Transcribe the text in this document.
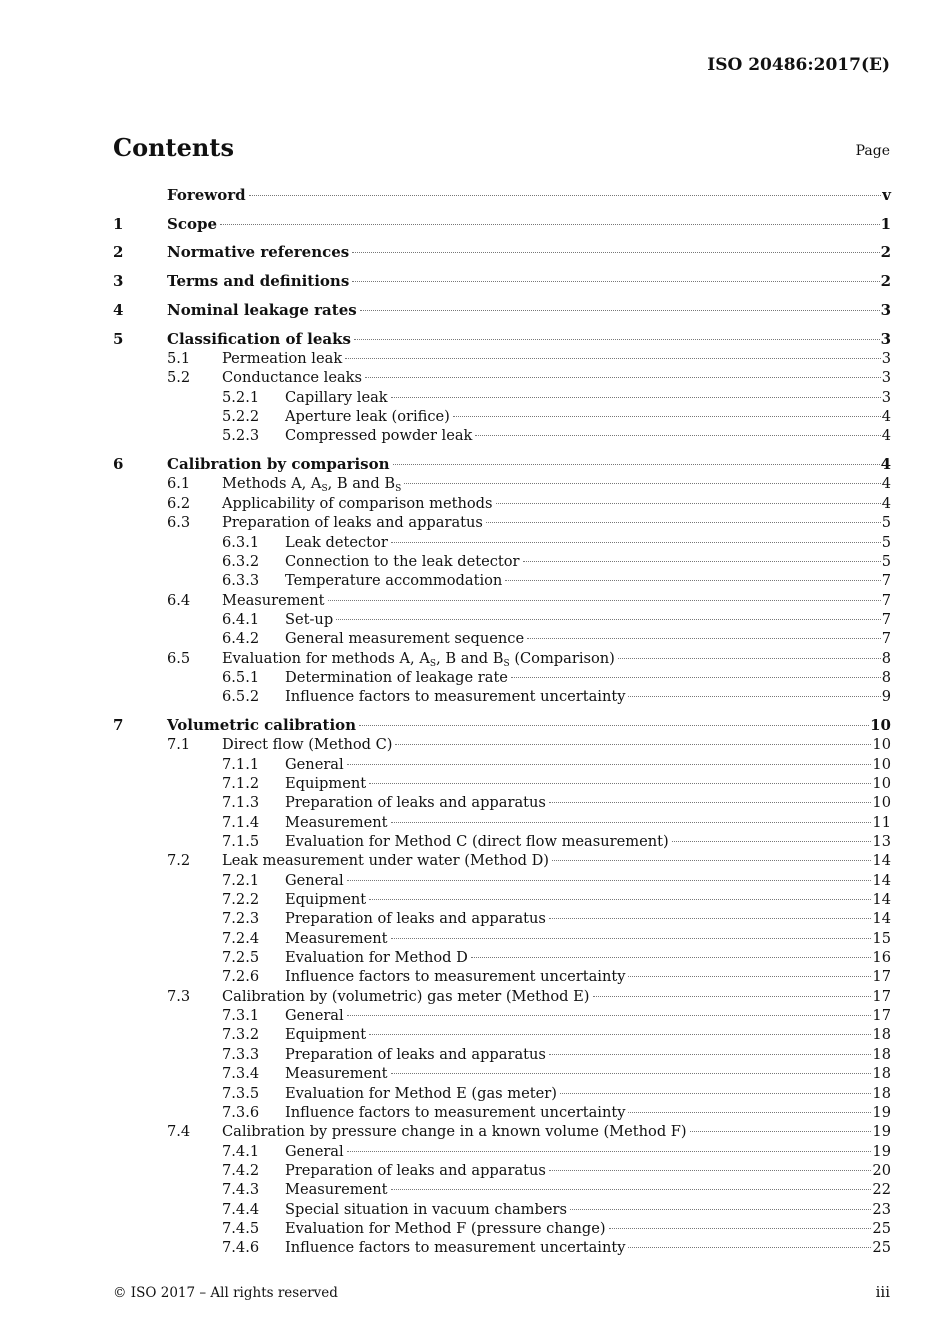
ISO 20486:2017(E)
Contents	Page
Foreword	v
1	Scope	1
2	Normative references	2
3	Terms and definitions	2
4	Nominal leakage rates	3
5	Classification of leaks	3
5.1	Permeation leak	3
5.2	Conductance leaks	3
5.2.1	Capillary leak	3
5.2.2	Aperture leak (orifice)	4
5.2.3	Compressed powder leak	4
6	Calibration by comparison	4
6.1	Methods A, $A_S$, B and $B_S$	4
6.2	Applicability of comparison methods	4
6.3	Preparation of leaks and apparatus	5
6.3.1	Leak detector	5
6.3.2	Connection to the leak detector	5
6.3.3	Temperature accommodation	7
6.4	Measurement	7
6.4.1	Set-up	7
6.4.2	General measurement sequence	7
6.5	Evaluation for methods A, $A_S$, B and $B_S$ (Comparison)	8
6.5.1	Determination of leakage rate	8
6.5.2	Influence factors to measurement uncertainty	9
7	Volumetric calibration	10
7.1	Direct flow (Method C)	10
7.1.1	General	10
7.1.2	Equipment	10
7.1.3	Preparation of leaks and apparatus	10
7.1.4	Measurement	11
7.1.5	Evaluation for Method C (direct flow measurement)	13
7.2	Leak measurement under water (Method D)	14
7.2.1	General	14
7.2.2	Equipment	14
7.2.3	Preparation of leaks and apparatus	14
7.2.4	Measurement	15
7.2.5	Evaluation for Method D	16
7.2.6	Influence factors to measurement uncertainty	17
7.3	Calibration by (volumetric) gas meter (Method E)	17
7.3.1	General	17
7.3.2	Equipment	18
7.3.3	Preparation of leaks and apparatus	18
7.3.4	Measurement	18
7.3.5	Evaluation for Method E (gas meter)	18
7.3.6	Influence factors to measurement uncertainty	19
7.4	Calibration by pressure change in a known volume (Method F)	19
7.4.1	General	19
7.4.2	Preparation of leaks and apparatus	20
7.4.3	Measurement	22
7.4.4	Special situation in vacuum chambers	23
7.4.5	Evaluation for Method F (pressure change)	25
7.4.6	Influence factors to measurement uncertainty	25
© ISO 2017 – All rights reserved	iii
